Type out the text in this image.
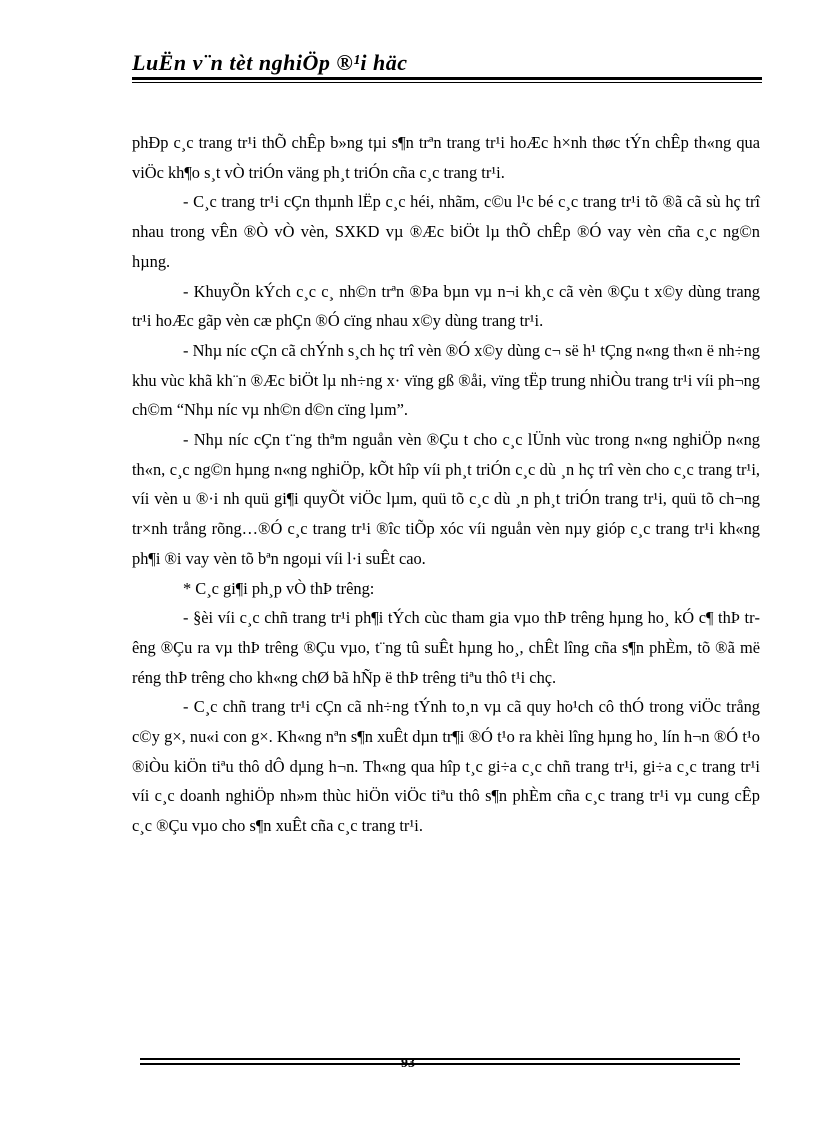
LuËn v¨n tèt nghiÖp ®¹i häc

phÐp c¸c trang tr¹i thÕ chÊp b»ng tµi s¶n trªn trang tr¹i hoÆc h×nh thøc tÝn chÊp th«ng qua viÖc kh¶o s¸t vÒ triÓn väng ph¸t triÓn cña c¸c trang tr¹i.

- C¸c trang tr¹i cÇn thµnh lËp c¸c héi, nhãm, c©u l¹c bé c¸c trang tr¹i tõ ®ã cã sù hç trî nhau trong vÊn ®Ò vÒ vèn, SXKD vµ ®Æc biÖt lµ thÕ chÊp ®Ó vay vèn cña c¸c ng©n hµng.

- KhuyÕn kÝch c¸c c¸ nh©n trªn ®Þa bµn vµ n¬i kh¸c cã vèn ®Çu t x©y dùng trang tr¹i hoÆc gãp vèn cæ phÇn ®Ó cïng nhau x©y dùng trang tr¹i.

- Nhµ níc cÇn cã chÝnh s¸ch hç trî vèn ®Ó x©y dùng c¬ së h¹ tÇng n«ng th«n ë nh÷ng khu vùc khã kh¨n ®Æc biÖt lµ nh÷ng x· vïng gß ®åi, vïng tËp trung nhiÒu trang tr¹i víi ph¬ng ch©m “Nhµ níc vµ nh©n d©n cïng lµm”.

- Nhµ níc cÇn t¨ng thªm nguån vèn ®Çu t cho c¸c lÜnh vùc trong n«ng nghiÖp n«ng th«n, c¸c ng©n hµng n«ng nghiÖp, kÕt hîp víi ph¸t triÓn c¸c dù ¸n hç trî vèn cho c¸c trang tr¹i, víi vèn u ®·i nh quü gi¶i quyÕt viÖc lµm, quü tõ c¸c dù ¸n ph¸t triÓn trang tr¹i, quü tõ ch¬ng tr×nh trång rõng…®Ó c¸c trang tr¹i ®îc tiÕp xóc víi nguån vèn nµy gióp c¸c trang tr¹i kh«ng ph¶i ®i vay vèn tõ bªn ngoµi víi l·i suÊt cao.

* C¸c gi¶i ph¸p vÒ thÞ trêng:

- §èi víi c¸c chñ trang tr¹i ph¶i tÝch cùc tham gia vµo thÞ trêng hµng ho¸ kÓ c¶ thÞ trêng ®Çu ra vµ thÞ trêng ®Çu vµo, t¨ng tû suÊt hµng ho¸, chÊt lîng cña s¶n phÈm, tõ ®ã më réng thÞ trêng cho kh«ng chØ bã hÑp ë thÞ trêng tiªu thô t¹i chç.

- C¸c chñ trang tr¹i cÇn cã nh÷ng tÝnh to¸n vµ cã quy ho¹ch cô thÓ trong viÖc trång c©y g×, nu«i con g×. Kh«ng nªn s¶n xuÊt dµn tr¶i ®Ó t¹o ra khèi lîng hµng ho¸ lín h¬n ®Ó t¹o ®iÒu kiÖn tiªu thô dÔ dµng h¬n. Th«ng qua hîp t¸c gi÷a c¸c chñ trang tr¹i, gi÷a c¸c trang tr¹i víi c¸c doanh nghiÖp nh»m thùc hiÖn viÖc tiªu thô s¶n phÈm cña c¸c trang tr¹i vµ cung cÊp c¸c ®Çu vµo cho s¶n xuÊt cña c¸c trang tr¹i.

93
